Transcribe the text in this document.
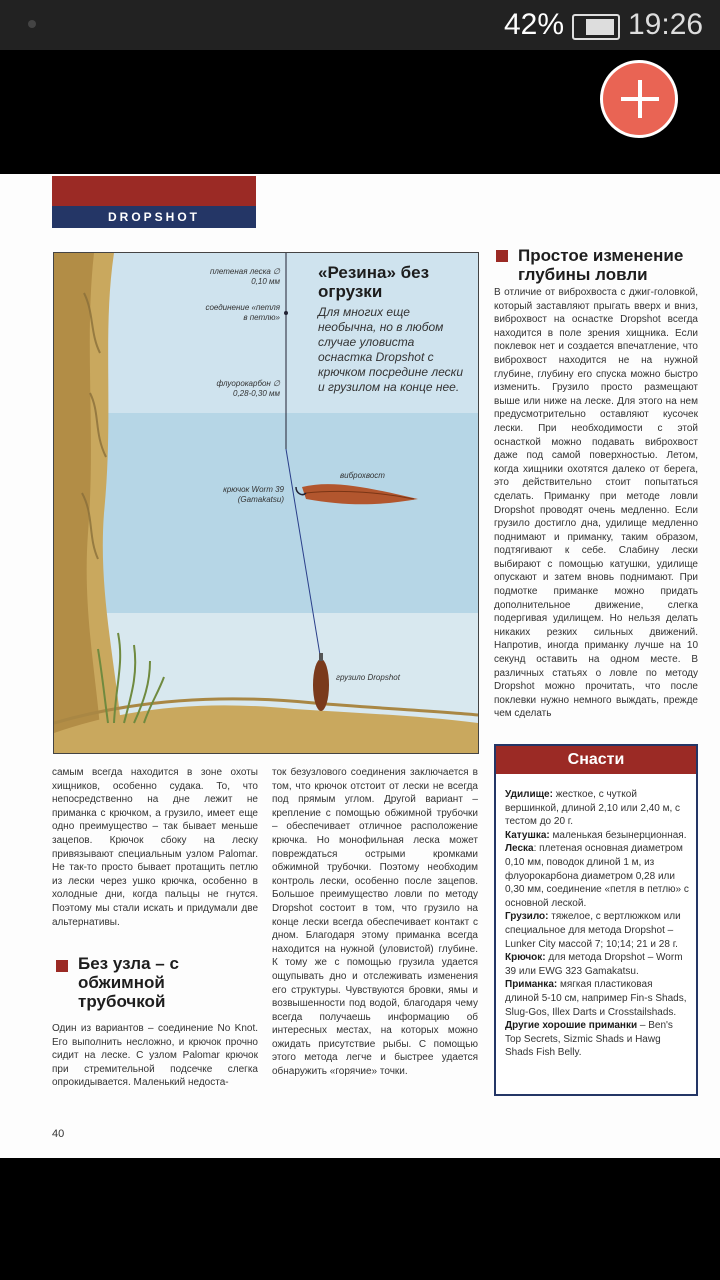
42% 19:26
DROPSHOT
плетеная леска ∅ 0,10 мм
соединение «петля в петлю»
флуорокарбон ∅ 0,28-0,30 мм
виброхвост
крючок Worm 39 (Gamakatsu)
грузило Dropshot
«Резина» без огрузки
Для многих еще необычна, но в любом случае уловиста оснастка Dropshot с крючком посредине лески и грузилом на конце нее.
Простое изменение глубины ловли
В отличие от виброхвоста с джиг-головкой, который заставляют прыгать вверх и вниз, виброхвост на оснастке Dropshot всегда находится в поле зрения хищника. Если поклевок нет и создается впечатление, что виброхвост находится не на нужной глубине, глубину его спуска можно быстро изменить. Грузило просто размещают выше или ниже на леске. Для этого на нем предусмотрительно оставляют кусочек лески. При необходимости с этой оснасткой можно подавать виброхвост даже под самой поверхностью. Летом, когда хищники охотятся далеко от берега, это действительно стоит попытаться сделать. Приманку при методе ловли Dropshot проводят очень медленно. Если грузило достигло дна, удилище медленно поднимают и приманку, таким образом, подтягивают к себе. Слабину лески выбирают с помощью катушки, удилище опускают и затем вновь поднимают. При подмотке приманке можно придать дополнительное движение, слегка подергивая удилищем. Но нельзя делать никаких резких сильных движений. Напротив, иногда приманку лучше на 10 секунд оставить на одном месте. В различных статьях о ловле по методу Dropshot можно прочитать, что после поклевки нужно немного выждать, прежде чем сделать
самым всегда находится в зоне охоты хищников, особенно судака. То, что непосредственно на дне лежит не приманка с крючком, а грузило, имеет еще одно преимущество – так бывает меньше зацепов. Крючок сбоку на леску привязывают специальным узлом Palomar. Не так-то просто бывает протащить петлю из лески через ушко крючка, особенно в холодные дни, когда пальцы не гнутся. Поэтому мы стали искать и придумали две альтернативы.
Без узла – с обжимной трубочкой
Один из вариантов – соединение No Knot. Его выполнить несложно, и крючок прочно сидит на леске. С узлом Palomar крючок при стремительной подсечке слегка опрокидывается. Маленький недоста-
ток безузлового соединения заключается в том, что крючок отстоит от лески не всегда под прямым углом. Другой вариант – крепление с помощью обжимной трубочки – обеспечивает отличное расположение крючка. Но монофильная леска может повреждаться острыми кромками обжимной трубочки. Поэтому необходим контроль лески, особенно после зацепов. Большое преимущество ловли по методу Dropshot состоит в том, что грузило на конце лески всегда обеспечивает контакт с дном. Благодаря этому приманка всегда находится на нужной (уловистой) глубине. К тому же с помощью грузила удается ощупывать дно и отслеживать изменения его структуры. Чувствуются бровки, ямы и возвышенности под водой, благодаря чему всегда получаешь информацию об интересных местах, на которых можно ожидать присутствие рыбы. С помощью этого метода легче и быстрее удается обнаружить «горячие» точки.
Снасти

Удилище: жесткое, с чуткой вершинкой, длиной 2,10 или 2,40 м, с тестом до 20 г.

Катушка: маленькая безынерционная.

Леска: плетеная основная диаметром 0,10 мм, поводок длиной 1 м, из флуорокарбона диаметром 0,28 или 0,30 мм, соединение «петля в петлю» с основной леской.

Грузило: тяжелое, с вертлюжком или специальное для метода Dropshot – Lunker City массой 7; 10;14; 21 и 28 г.

Крючок: для метода Dropshot – Worm 39 или EWG 323 Gamakatsu.

Приманка: мягкая пластиковая длиной 5-10 см, например Fin-s Shads, Slug-Gos, Illex Darts и Crosstailshads.

Другие хорошие приманки – Ben's Top Secrets, Sizmic Shads и Hawg Shads Fish Belly.

40
